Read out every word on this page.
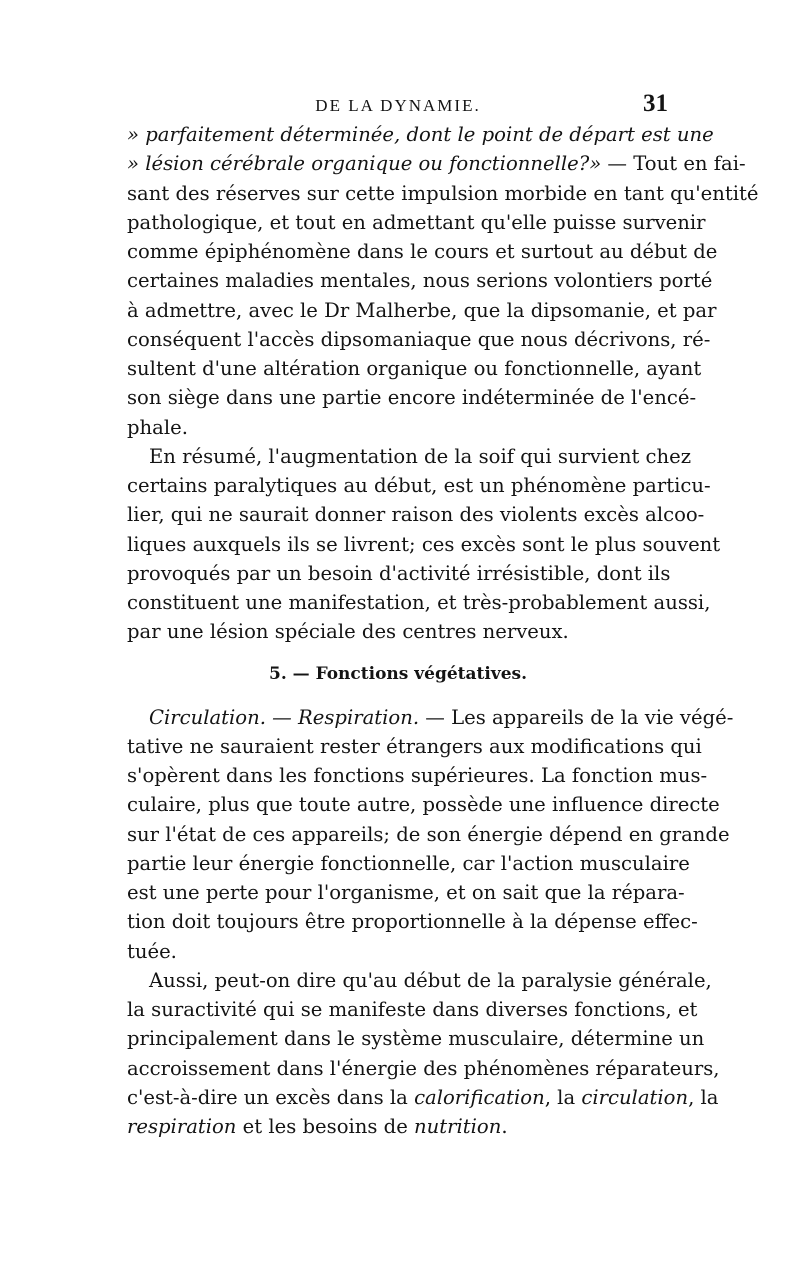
DE LA DYNAMIE.	31
» parfaitement déterminée, dont le point de départ est une
» lésion cérébrale organique ou fonctionnelle?» — Tout en fai-
sant des réserves sur cette impulsion morbide en tant qu'entité
pathologique, et tout en admettant qu'elle puisse survenir
comme épiphénomène dans le cours et surtout au début de
certaines maladies mentales, nous serions volontiers porté
à admettre, avec le Dr Malherbe, que la dipsomanie, et par
conséquent l'accès dipsomaniaque que nous décrivons, ré-
sultent d'une altération organique ou fonctionnelle, ayant
son siège dans une partie encore indéterminée de l'encé-
phale.
En résumé, l'augmentation de la soif qui survient chez
certains paralytiques au début, est un phénomène particu-
lier, qui ne saurait donner raison des violents excès alcoo-
liques auxquels ils se livrent; ces excès sont le plus souvent
provoqués par un besoin d'activité irrésistible, dont ils
constituent une manifestation, et très-probablement aussi,
par une lésion spéciale des centres nerveux.
5. — Fonctions végétatives.
Circulation. — Respiration. — Les appareils de la vie végé-
tative ne sauraient rester étrangers aux modifications qui
s'opèrent dans les fonctions supérieures. La fonction mus-
culaire, plus que toute autre, possède une influence directe
sur l'état de ces appareils; de son énergie dépend en grande
partie leur énergie fonctionnelle, car l'action musculaire
est une perte pour l'organisme, et on sait que la répara-
tion doit toujours être proportionnelle à la dépense effec-
tuée.
Aussi, peut-on dire qu'au début de la paralysie générale,
la suractivité qui se manifeste dans diverses fonctions, et
principalement dans le système musculaire, détermine un
accroissement dans l'énergie des phénomènes réparateurs,
c'est-à-dire un excès dans la calorification, la circulation, la
respiration et les besoins de nutrition.
